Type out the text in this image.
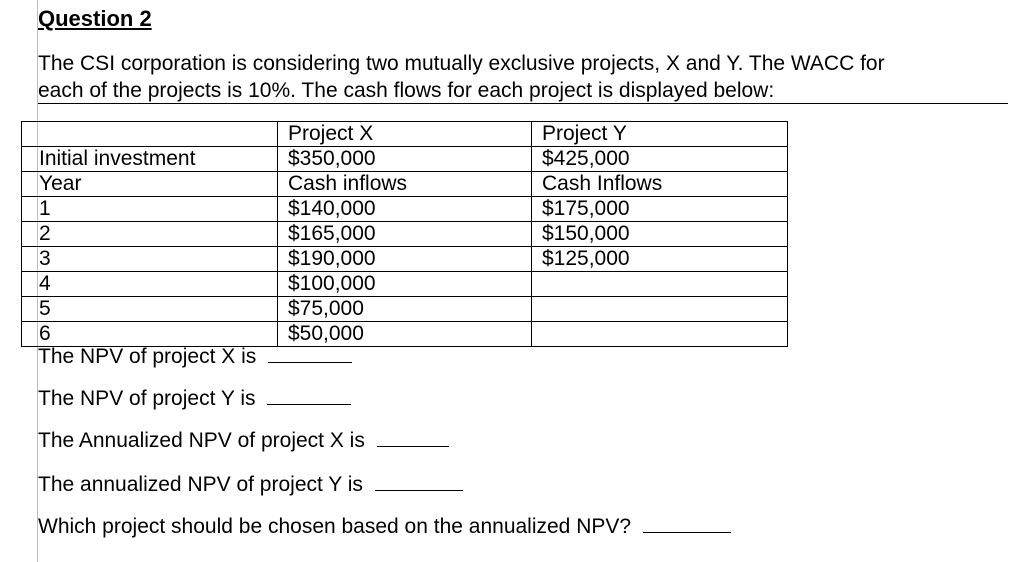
Question 2

The CSI corporation is considering two mutually exclusive projects, X and Y. The WACC for
each of the projects is 10%. The cash flows for each project is displayed below:

	Project X	Project Y
Initial investment	$350,000	$425,000
Year	Cash inflows	Cash Inflows
1	$140,000	$175,000
2	$165,000	$150,000
3	$190,000	$125,000
4	$100,000	
5	$75,000	
6	$50,000	

The NPV of project X is

The NPV of project Y is

The Annualized NPV of project X is

The annualized NPV of project Y is

Which project should be chosen based on the annualized NPV?
